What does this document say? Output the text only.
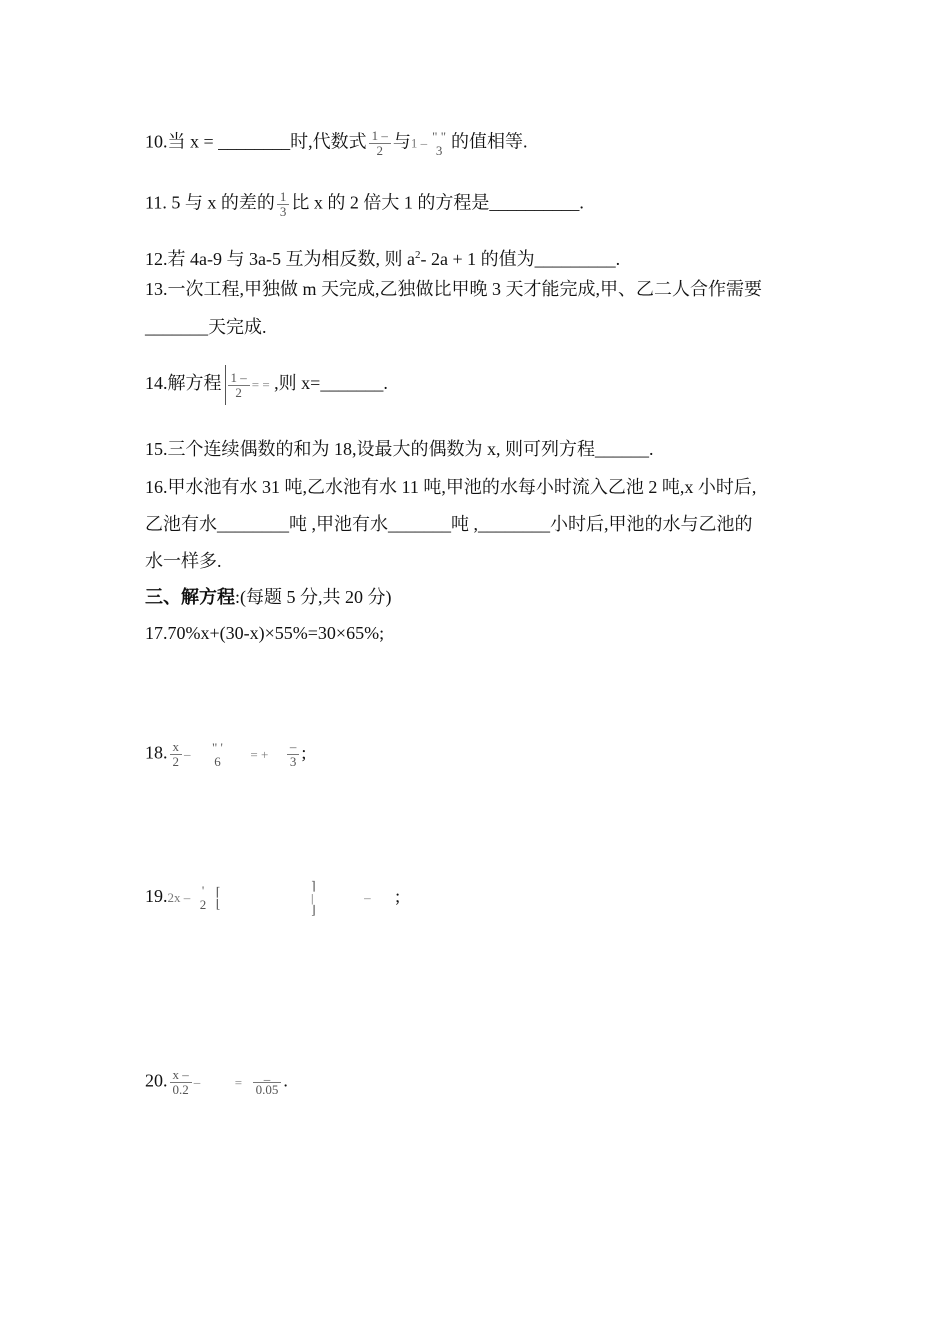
10.当 x = ________时,代数式 $\frac{1 -}{2}$ 与1 – " "
3 的值相等.
11. 5 与 x 的差的 $\frac{1}{3}$ 比 x 的 2 倍大 1 的方程是__________.
12.若 4a-9 与 3a-5 互为相反数, 则 $a^2-$ 2a + 1 的值为_________.
13.一次工程,甲独做 m 天完成,乙独做比甲晚 3 天才能完成,甲、乙二人合作需要
_______天完成.
14.解方程 $\frac{1 -}{2}$ = = ,则 x=_______.
15.三个连续偶数的和为 18,设最大的偶数为 x, 则可列方程______.
16.甲水池有水 31 吨,乙水池有水 11 吨,甲池的水每小时流入乙池 2 吨,x 小时后,
乙池有水________吨 ,甲池有水_______吨 ,________小时后,甲池的水与乙池的
水一样多.
三、解方程:(每题 5 分,共 20 分)
17.70%x+(30-x)×55%=30×65%;
18. $\frac{x}{2}$ – " '
6	= + $\frac{-}{3}$ ;
19.2x – '
2

⌈
⌊

⌉
|
⌋
– ;
20. $\frac{x -}{0.2}$ –	= $\frac{\_}{0.05}$ .
